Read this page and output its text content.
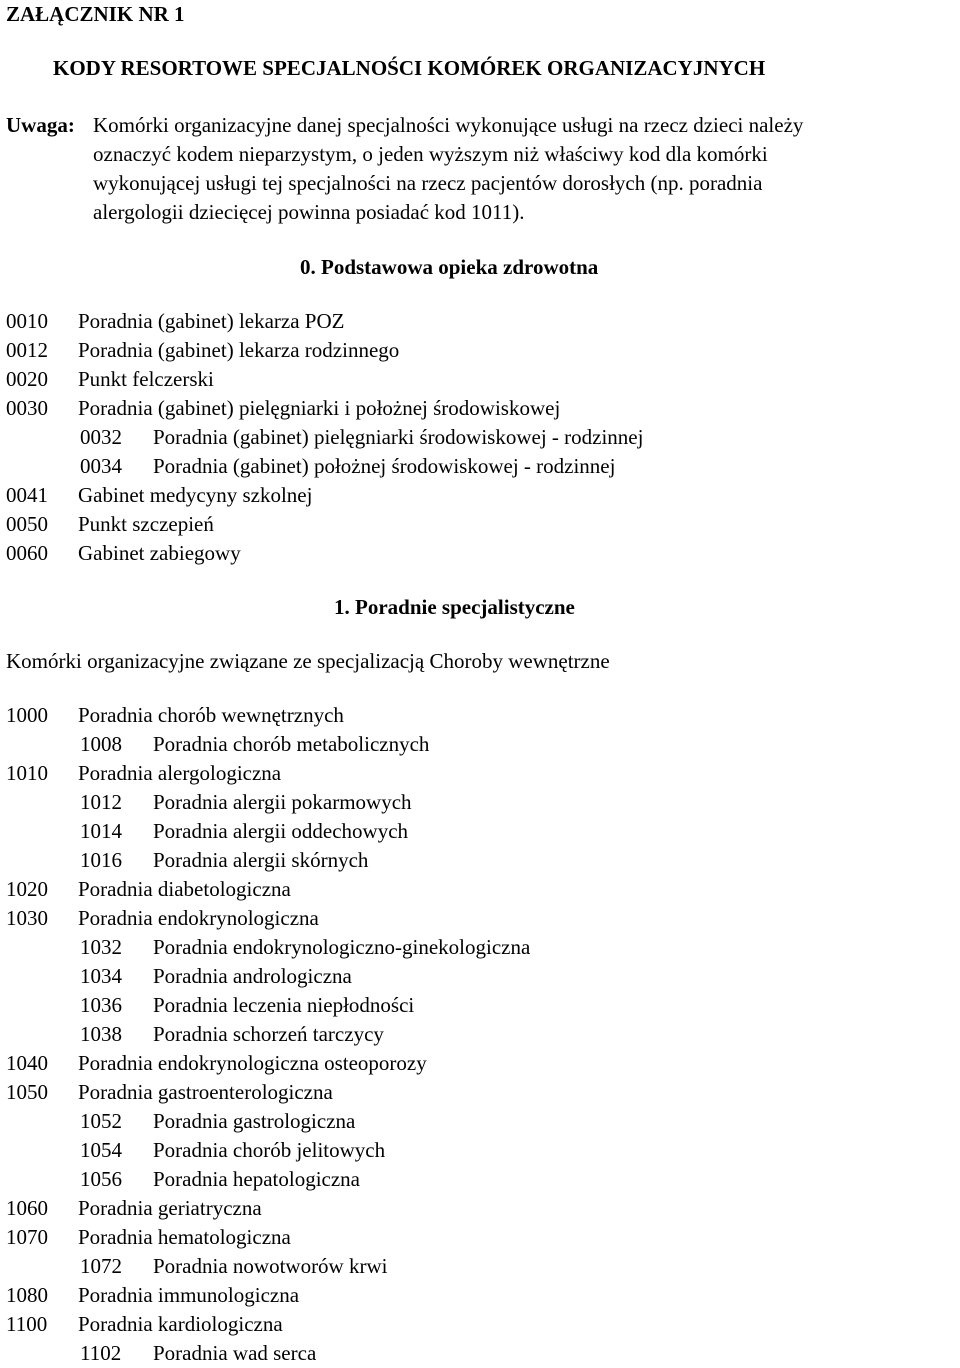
ZAŁĄCZNIK NR 1
KODY RESORTOWE SPECJALNOŚCI KOMÓREK ORGANIZACYJNYCH
Uwaga: Komórki organizacyjne danej specjalności wykonujące usługi na rzecz dzieci należy
oznaczyć kodem nieparzystym, o jeden wyższym niż właściwy kod dla komórki
wykonującej usługi tej specjalności na rzecz pacjentów dorosłych (np. poradnia
alergologii dziecięcej powinna posiadać kod 1011).
0. Podstawowa opieka zdrowotna
0010 Poradnia (gabinet) lekarza POZ
0012 Poradnia (gabinet) lekarza rodzinnego
0020 Punkt felczerski
0030 Poradnia (gabinet) pielęgniarki i położnej środowiskowej
0032 Poradnia (gabinet) pielęgniarki środowiskowej - rodzinnej
0034 Poradnia (gabinet) położnej środowiskowej - rodzinnej
0041 Gabinet medycyny szkolnej
0050 Punkt szczepień
0060 Gabinet zabiegowy
1. Poradnie specjalistyczne
Komórki organizacyjne związane ze specjalizacją Choroby wewnętrzne
1000 Poradnia chorób wewnętrznych
1008 Poradnia chorób metabolicznych
1010 Poradnia alergologiczna
1012 Poradnia alergii pokarmowych
1014 Poradnia alergii oddechowych
1016 Poradnia alergii skórnych
1020 Poradnia diabetologiczna
1030 Poradnia endokrynologiczna
1032 Poradnia endokrynologiczno-ginekologiczna
1034 Poradnia andrologiczna
1036 Poradnia leczenia niepłodności
1038 Poradnia schorzeń tarczycy
1040 Poradnia endokrynologiczna osteoporozy
1050 Poradnia gastroenterologiczna
1052 Poradnia gastrologiczna
1054 Poradnia chorób jelitowych
1056 Poradnia hepatologiczna
1060 Poradnia geriatryczna
1070 Poradnia hematologiczna
1072 Poradnia nowotworów krwi
1080 Poradnia immunologiczna
1100 Poradnia kardiologiczna
1102 Poradnia wad serca
